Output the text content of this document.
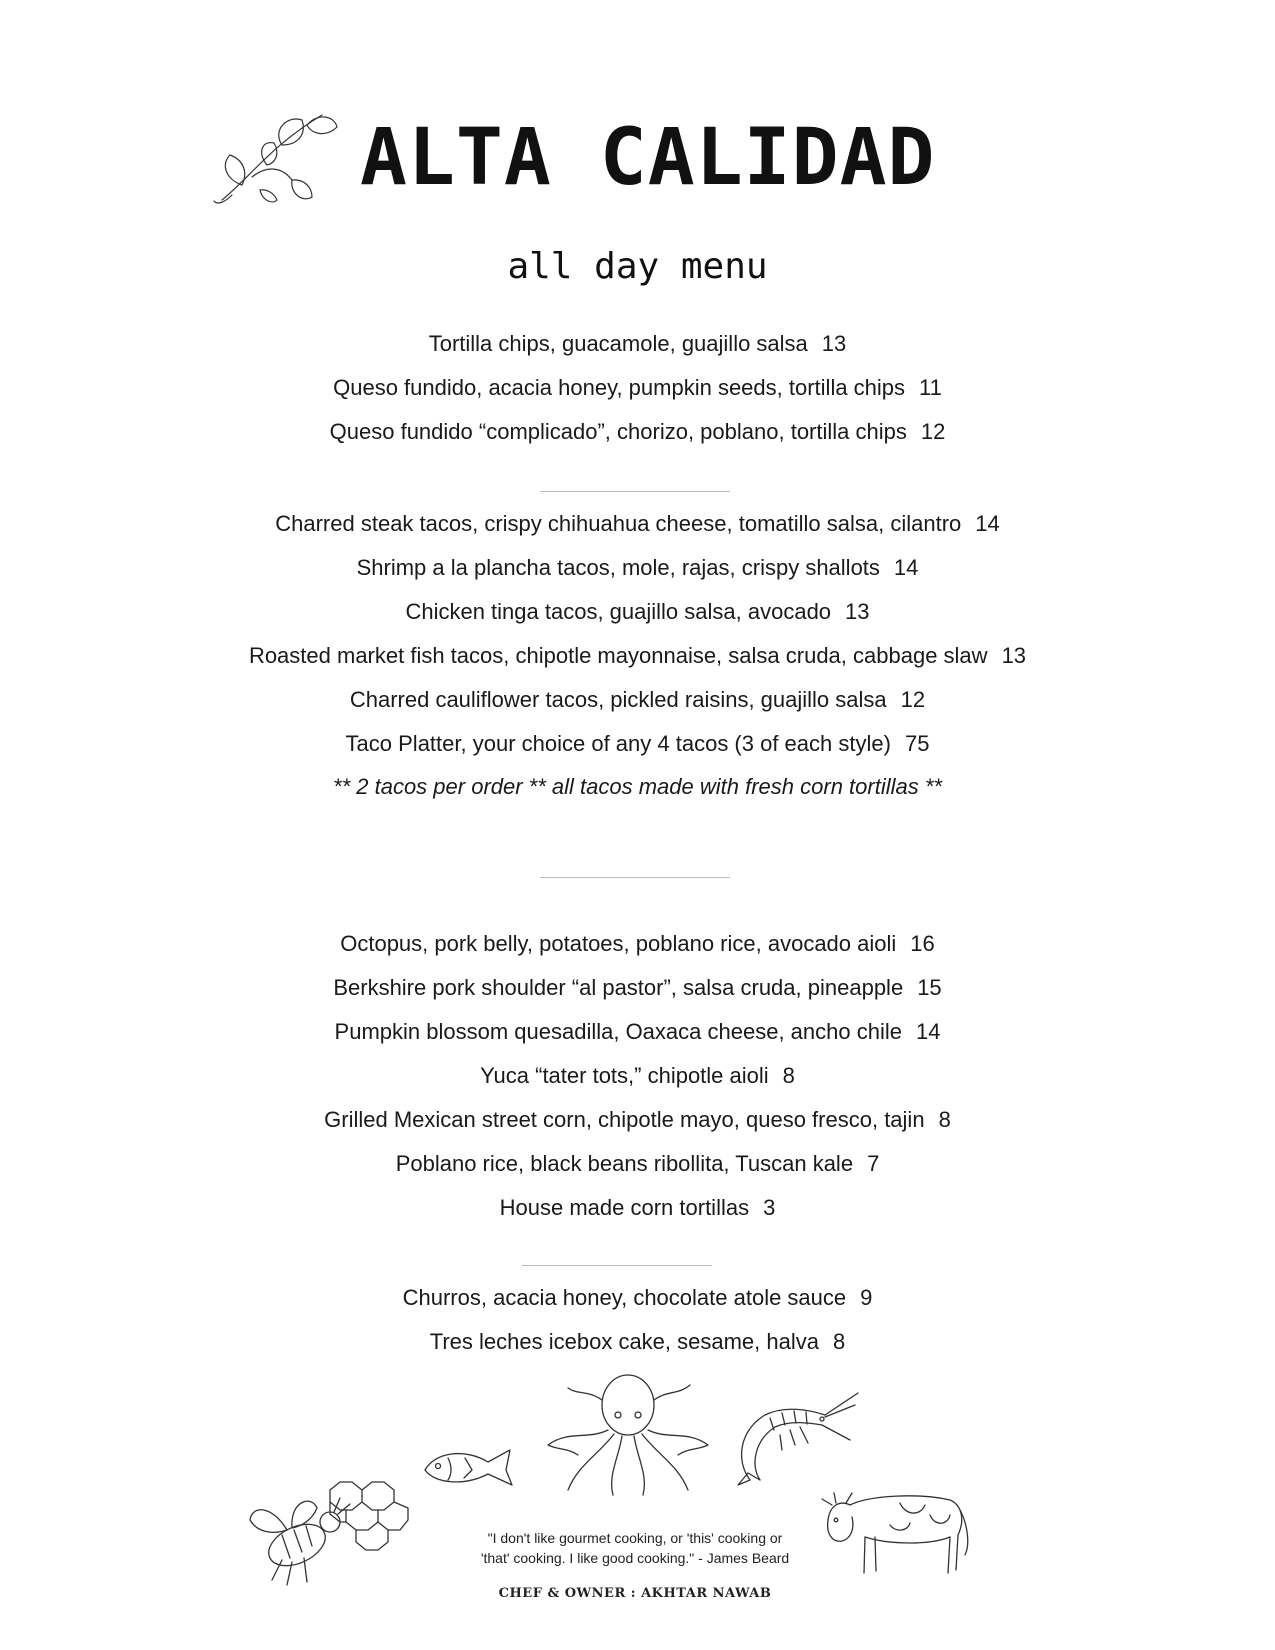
ALTA CALIDAD
all day menu
Tortilla chips, guacamole, guajillo salsa 13
Queso fundido, acacia honey, pumpkin seeds, tortilla chips 11
Queso fundido “complicado”, chorizo, poblano, tortilla chips 12
Charred steak tacos, crispy chihuahua cheese, tomatillo salsa, cilantro 14
Shrimp a la plancha tacos, mole, rajas, crispy shallots 14
Chicken tinga tacos, guajillo salsa, avocado 13
Roasted market fish tacos, chipotle mayonnaise, salsa cruda, cabbage slaw 13
Charred cauliflower tacos, pickled raisins, guajillo salsa 12
Taco Platter, your choice of any 4 tacos (3 of each style) 75
** 2 tacos per order ** all tacos made with fresh corn tortillas **
Octopus, pork belly, potatoes, poblano rice, avocado aioli 16
Berkshire pork shoulder “al pastor”, salsa cruda, pineapple 15
Pumpkin blossom quesadilla, Oaxaca cheese, ancho chile 14
Yuca “tater tots,” chipotle aioli 8
Grilled Mexican street corn, chipotle mayo, queso fresco, tajin 8
Poblano rice, black beans ribollita, Tuscan kale 7
House made corn tortillas 3
Churros, acacia honey, chocolate atole sauce 9
Tres leches icebox cake, sesame, halva 8
"I don't like gourmet cooking, or 'this' cooking or
'that' cooking. I like good cooking." - James Beard
CHEF & OWNER : AKHTAR NAWAB
